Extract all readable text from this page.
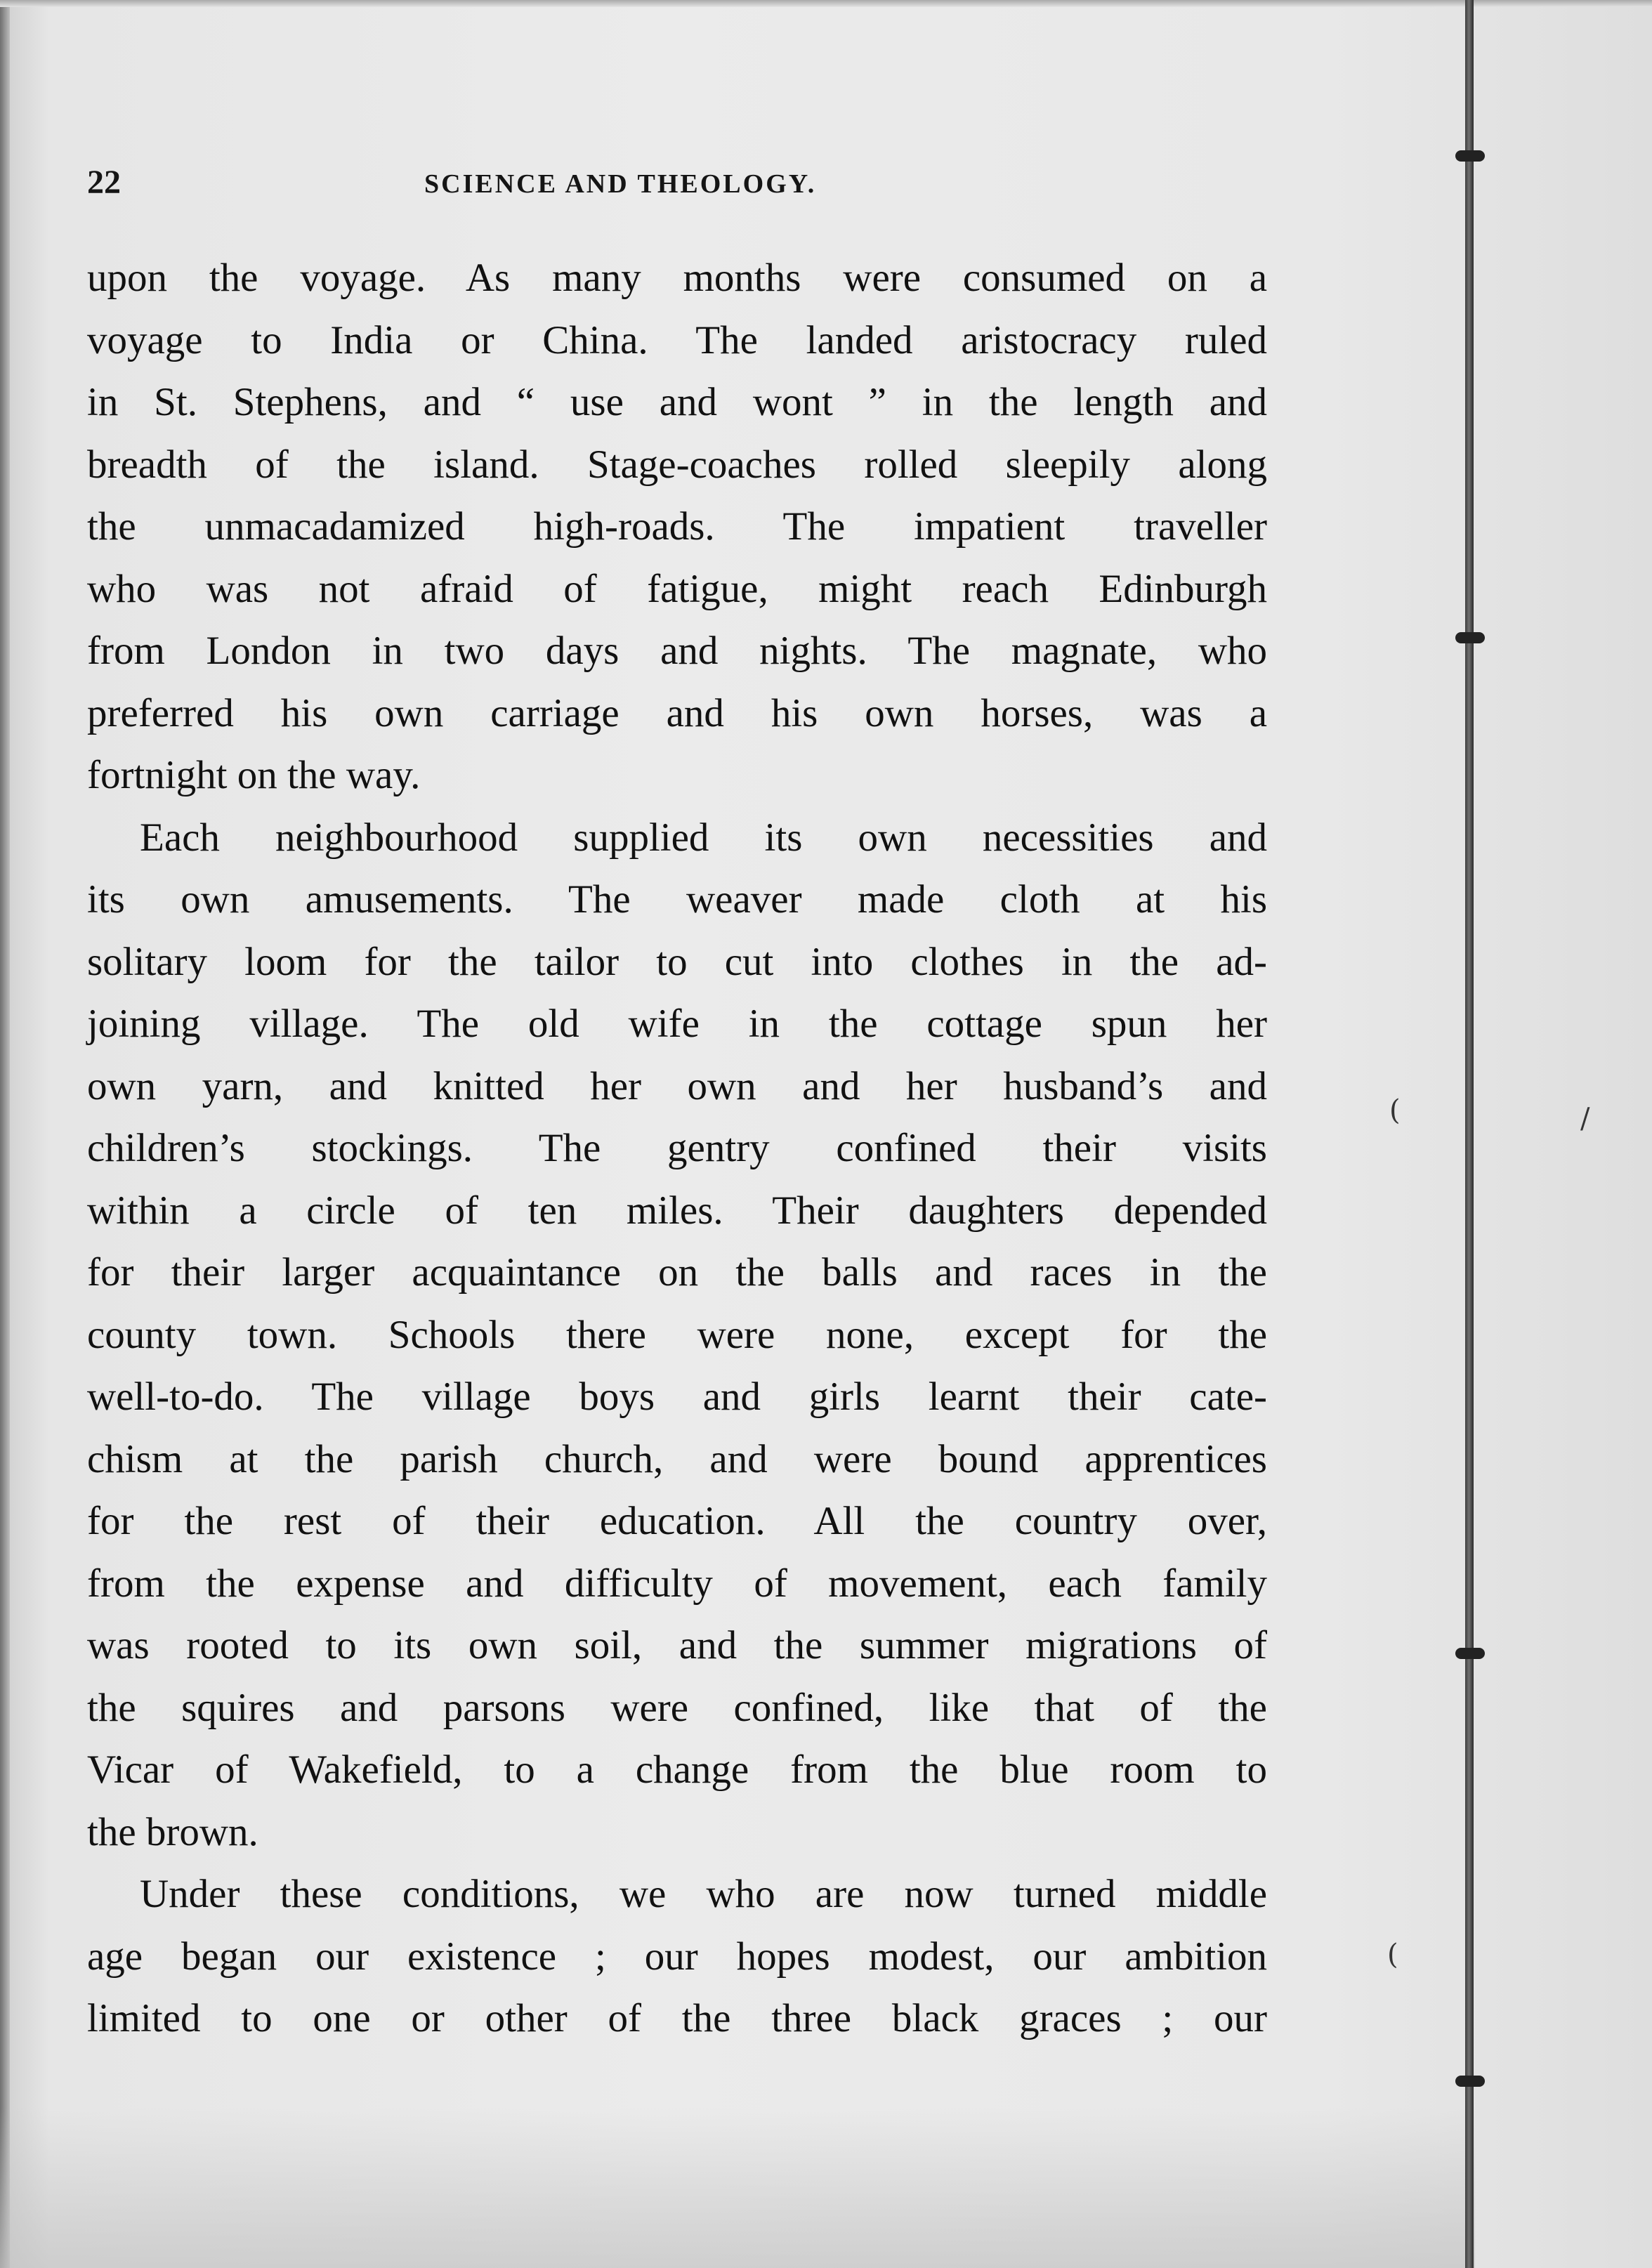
(	/
(
22	SCIENCE AND THEOLOGY.
upon the voyage. As many months were consumed on a
voyage to India or China. The landed aristocracy ruled
in St. Stephens, and “ use and wont ” in the length and
breadth of the island. Stage-coaches rolled sleepily along
the unmacadamized high-roads. The impatient traveller
who was not afraid of fatigue, might reach Edinburgh
from London in two days and nights. The magnate, who
preferred his own carriage and his own horses, was a
fortnight on the way.
Each neighbourhood supplied its own necessities and
its own amusements. The weaver made cloth at his
solitary loom for the tailor to cut into clothes in the ad-
joining village. The old wife in the cottage spun her
own yarn, and knitted her own and her husband’s and
children’s stockings. The gentry confined their visits
within a circle of ten miles. Their daughters depended
for their larger acquaintance on the balls and races in the
county town. Schools there were none, except for the
well-to-do. The village boys and girls learnt their cate-
chism at the parish church, and were bound apprentices
for the rest of their education. All the country over,
from the expense and difficulty of movement, each family
was rooted to its own soil, and the summer migrations of
the squires and parsons were confined, like that of the
Vicar of Wakefield, to a change from the blue room to
the brown.
Under these conditions, we who are now turned middle
age began our existence ; our hopes modest, our ambition
limited to one or other of the three black graces ; our
